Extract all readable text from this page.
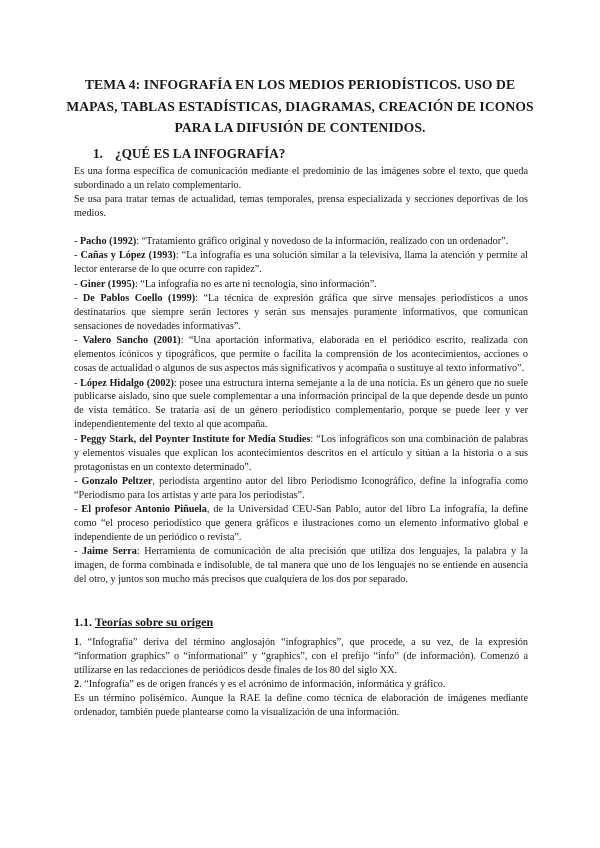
TEMA 4: INFOGRAFÍA EN LOS MEDIOS PERIODÍSTICOS. USO DE MAPAS, TABLAS ESTADÍSTICAS, DIAGRAMAS, CREACIÓN DE ICONOS PARA LA DIFUSIÓN DE CONTENIDOS.
1. ¿QUÉ ES LA INFOGRAFÍA?

Es una forma específica de comunicación mediante el predominio de las imágenes sobre el texto, que queda subordinado a un relato complementario.

Se usa para tratar temas de actualidad, temas temporales, prensa especializada y secciones deportivas de los medios.

- Pacho (1992): “Tratamiento gráfico original y novedoso de la información, realizado con un ordenador”.

- Cañas y López (1993): “La infografía es una solución similar a la televisiva, llama la atención y permite al lector enterarse de lo que ocurre con rapidez”.

- Giner (1995): “La infografía no es arte ni tecnología, sino información”.

- De Pablos Coello (1999): “La técnica de expresión gráfica que sirve mensajes periodísticos a unos destinatarios que siempre serán lectores y serán sus mensajes puramente informativos, que comunican sensaciones de novedades informativas”.

- Valero Sancho (2001): “Una aportación informativa, elaborada en el periódico escrito, realizada con elementos icónicos y tipográficos, que permite o facilita la comprensión de los acontecimientos, acciones o cosas de actualidad o algunos de sus aspectos más significativos y acompaña o sustituye al texto informativo”.

- López Hidalgo (2002): posee una estructura interna semejante a la de una noticia. Es un género que no suele publicarse aislado, sino que suele complementar a una información principal de la que depende desde un punto de vista temático. Se trataría así de un género periodístico complementario, porque se puede leer y ver independientemente del texto al que acompaña.

- Peggy Stark, del Poynter Institute for Media Studies: “Los infográficos son una combinación de palabras y elementos visuales que explican los acontecimientos descritos en el artículo y sitúan a la historia o a sus protagonistas en un contexto determinado”.

- Gonzalo Peltzer, periodista argentino autor del libro Periodismo Iconográfico, define la infografía como “Periodismo para los artistas y arte para los periodistas”.

- El profesor Antonio Piñuela, de la Universidad CEU-San Pablo, autor del libro La infografía, la define como “el proceso periodístico que genera gráficos e ilustraciones como un elemento informativo global e independiente de un periódico o revista”.

- Jaime Serra: Herramienta de comunicación de alta precisión que utiliza dos lenguajes, la palabra y la imagen, de forma combinada e indisoluble, de tal manera que uno de los lenguajes no se entiende en ausencia del otro, y juntos son mucho más precisos que cualquiera de los dos por separado.

1.1. Teorías sobre su origen

1. “Infografía” deriva del término anglosajón “infographics”, que procede, a su vez, de la expresión “information graphics” o “informational” y “graphics”, con el prefijo “info” (de información). Comenzó a utilizarse en las redacciones de periódicos desde finales de los 80 del siglo XX.

2. “Infografía” es de origen francés y es el acrónimo de información, informática y gráfico.

Es un término polisémico. Aunque la RAE la define como técnica de elaboración de imágenes mediante ordenador, también puede plantearse como la visualización de una información.
